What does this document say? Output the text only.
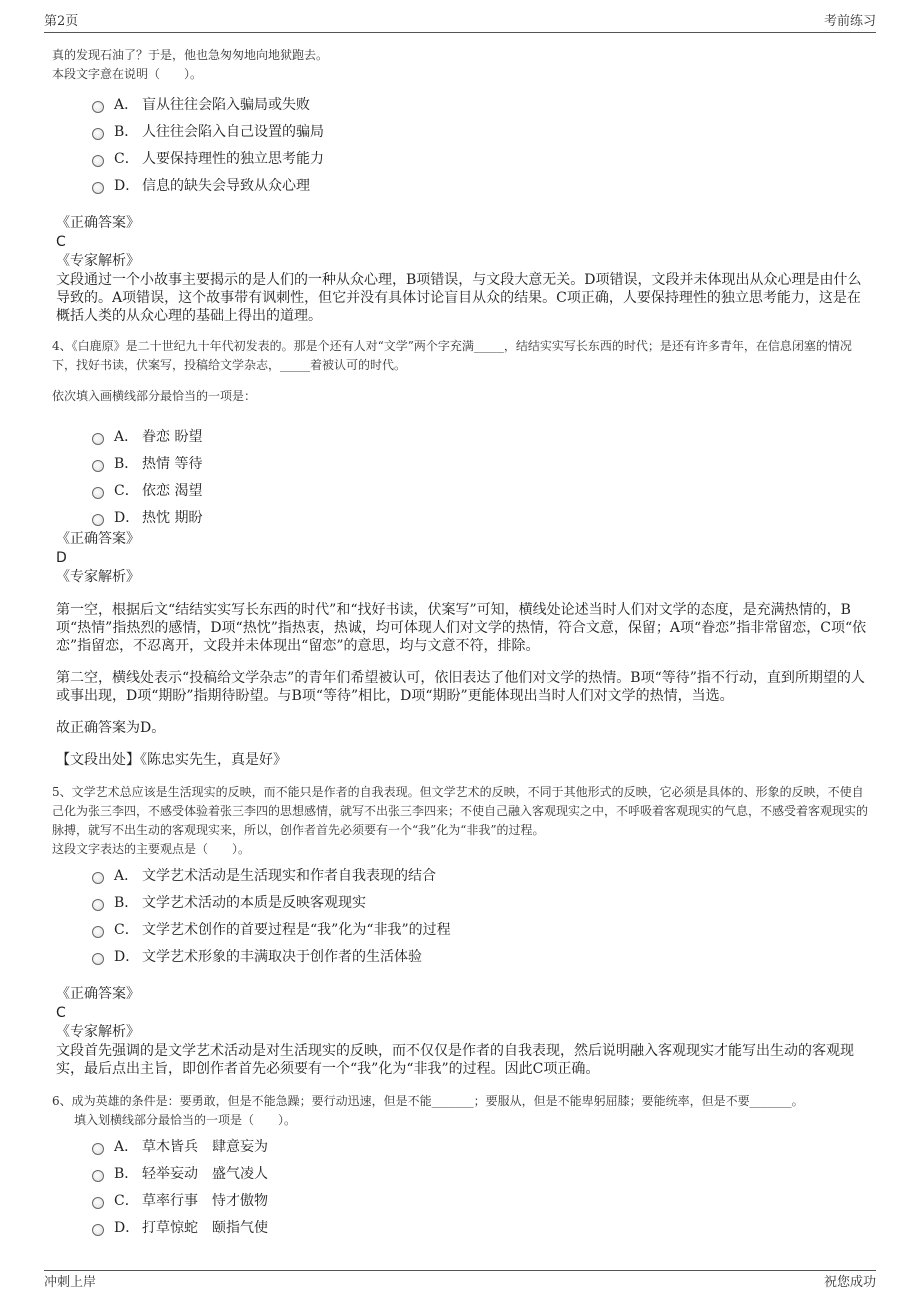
第2页	考前练习

真的发现石油了？于是，他也急匆匆地向地狱跑去。

本段文字意在说明（　　）。

A． 盲从往往会陷入骗局或失败
B． 人往往会陷入自己设置的骗局
C． 人要保持理性的独立思考能力
D． 信息的缺失会导致从众心理

《正确答案》

C

《专家解析》

文段通过一个小故事主要揭示的是人们的一种从众心理，B项错误，与文段大意无关。D项错误，文段并未体现出从众心理是由什么导致的。A项错误，这个故事带有讽刺性，但它并没有具体讨论盲目从众的结果。C项正确，人要保持理性的独立思考能力，这是在概括人类的从众心理的基础上得出的道理。

4、《白鹿原》是二十世纪九十年代初发表的。那是个还有人对“文学”两个字充满_____，结结实实写长东西的时代；是还有许多青年，在信息闭塞的情况下，找好书读，伏案写，投稿给文学杂志，_____着被认可的时代。

依次填入画横线部分最恰当的一项是：

A． 眷恋 盼望
B． 热情 等待
C． 依恋 渴望
D． 热忱 期盼

《正确答案》

D

《专家解析》

第一空，根据后文“结结实实写长东西的时代”和“找好书读，伏案写”可知，横线处论述当时人们对文学的态度，是充满热情的，B项“热情”指热烈的感情，D项“热忱”指热衷，热诚，均可体现人们对文学的热情，符合文意，保留；A项“眷恋”指非常留恋，C项“依恋”指留恋，不忍离开，文段并未体现出“留恋”的意思，均与文意不符，排除。

第二空，横线处表示“投稿给文学杂志”的青年们希望被认可，依旧表达了他们对文学的热情。B项“等待”指不行动，直到所期望的人或事出现，D项“期盼”指期待盼望。与B项“等待”相比，D项“期盼”更能体现出当时人们对文学的热情，当选。

故正确答案为D。

【文段出处】《陈忠实先生，真是好》

5、文学艺术总应该是生活现实的反映，而不能只是作者的自我表现。但文学艺术的反映，不同于其他形式的反映，它必须是具体的、形象的反映，不使自己化为张三李四，不感受体验着张三李四的思想感情，就写不出张三李四来；不使自己融入客观现实之中，不呼吸着客观现实的气息，不感受着客观现实的脉搏，就写不出生动的客观现实来，所以，创作者首先必须要有一个“我”化为“非我”的过程。

这段文字表达的主要观点是（　　）。

A． 文学艺术活动是生活现实和作者自我表现的结合
B． 文学艺术活动的本质是反映客观现实
C． 文学艺术创作的首要过程是“我”化为“非我”的过程
D． 文学艺术形象的丰满取决于创作者的生活体验

《正确答案》

C

《专家解析》

文段首先强调的是文学艺术活动是对生活现实的反映，而不仅仅是作者的自我表现，然后说明融入客观现实才能写出生动的客观现实，最后点出主旨，即创作者首先必须要有一个“我”化为“非我”的过程。因此C项正确。

6、成为英雄的条件是：要勇敢，但是不能急躁；要行动迅速，但是不能_______；要服从，但是不能卑躬屈膝；要能统率，但是不要_______。

填入划横线部分最恰当的一项是（　　）。

A． 草木皆兵　肆意妄为
B． 轻举妄动　盛气凌人
C． 草率行事　恃才傲物
D． 打草惊蛇　颐指气使
冲刺上岸	祝您成功
